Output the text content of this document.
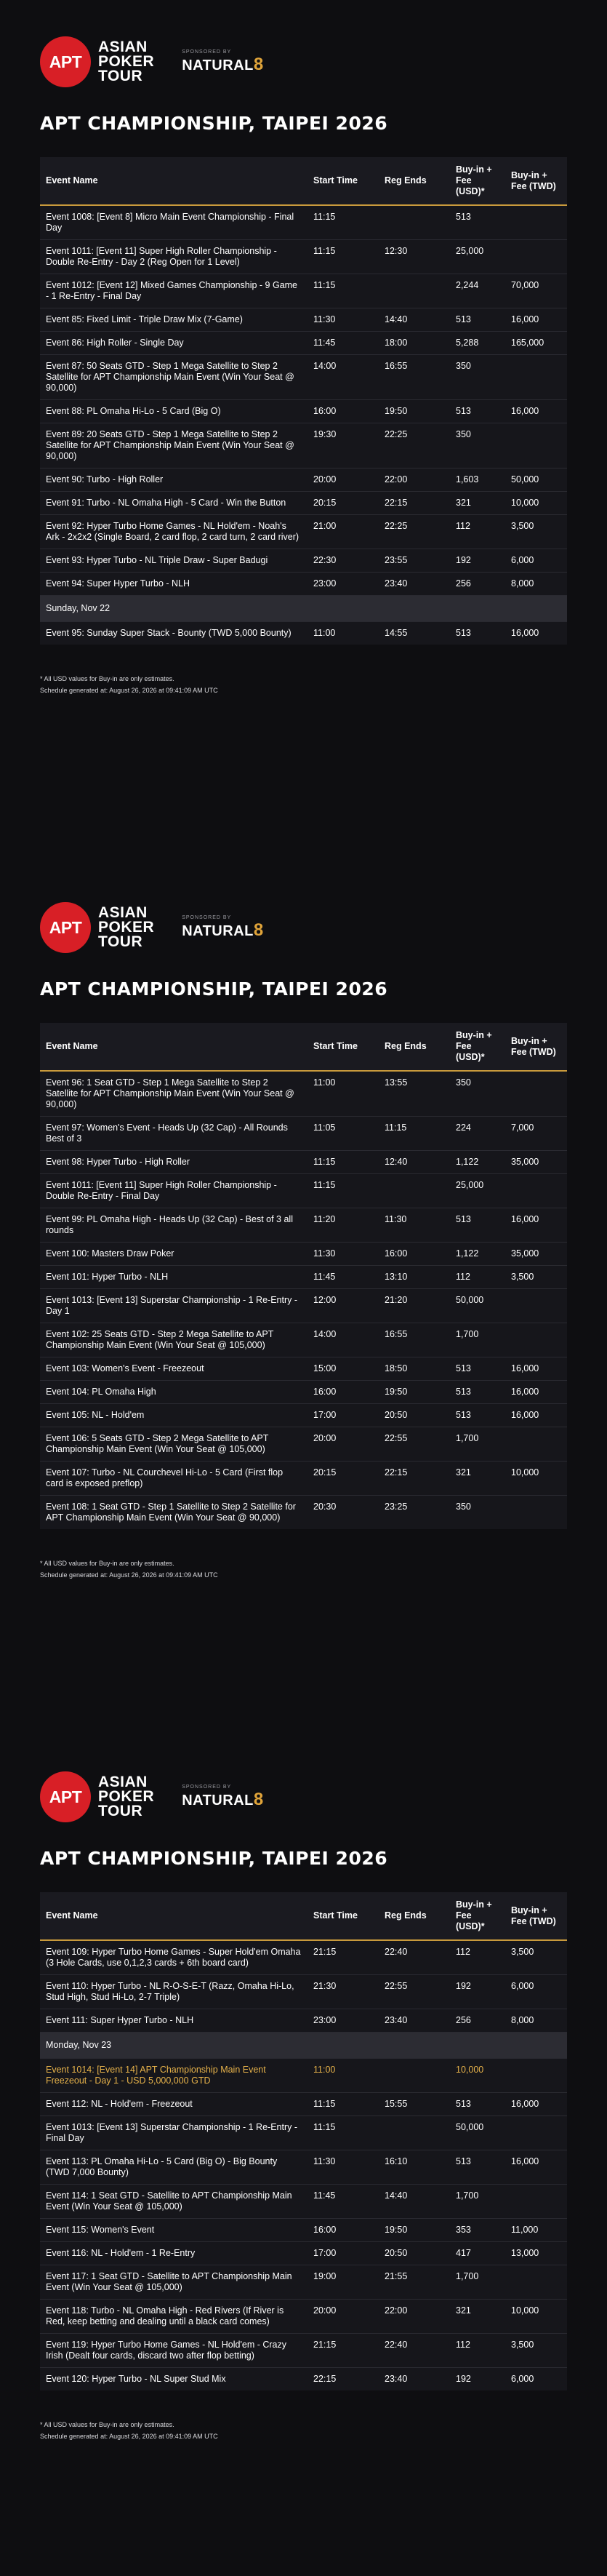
APT
ASIAN
POKER
TOUR
SPONSORED BY
NATURAL8
APT CHAMPIONSHIP, TAIPEI 2026
Event Name	Start Time	Reg Ends	Buy-in + Fee (USD)*	Buy-in + Fee (TWD)
Event 1008: [Event 8] Micro Main Event Championship - Final Day	11:15		513	
Event 1011: [Event 11] Super High Roller Championship - Double Re-Entry - Day 2 (Reg Open for 1 Level)	11:15	12:30	25,000	
Event 1012: [Event 12] Mixed Games Championship - 9 Game - 1 Re-Entry - Final Day	11:15		2,244	70,000
Event 85: Fixed Limit - Triple Draw Mix (7-Game)	11:30	14:40	513	16,000
Event 86: High Roller - Single Day	11:45	18:00	5,288	165,000
Event 87: 50 Seats GTD - Step 1 Mega Satellite to Step 2 Satellite for APT Championship Main Event (Win Your Seat @ 90,000)	14:00	16:55	350	
Event 88: PL Omaha Hi-Lo - 5 Card (Big O)	16:00	19:50	513	16,000
Event 89: 20 Seats GTD - Step 1 Mega Satellite to Step 2 Satellite for APT Championship Main Event (Win Your Seat @ 90,000)	19:30	22:25	350	
Event 90: Turbo - High Roller	20:00	22:00	1,603	50,000
Event 91: Turbo - NL Omaha High - 5 Card - Win the Button	20:15	22:15	321	10,000
Event 92: Hyper Turbo Home Games - NL Hold'em - Noah's Ark - 2x2x2 (Single Board, 2 card flop, 2 card turn, 2 card river)	21:00	22:25	112	3,500
Event 93: Hyper Turbo - NL Triple Draw - Super Badugi	22:30	23:55	192	6,000
Event 94: Super Hyper Turbo - NLH	23:00	23:40	256	8,000
Sunday, Nov 22				
Event 95: Sunday Super Stack - Bounty (TWD 5,000 Bounty)	11:00	14:55	513	16,000
* All USD values for Buy-in are only estimates.
Schedule generated at: August 26, 2026 at 09:41:09 AM UTC
APT
ASIAN
POKER
TOUR
SPONSORED BY
NATURAL8
APT CHAMPIONSHIP, TAIPEI 2026
Event Name	Start Time	Reg Ends	Buy-in + Fee (USD)*	Buy-in + Fee (TWD)
Event 96: 1 Seat GTD - Step 1 Mega Satellite to Step 2 Satellite for APT Championship Main Event (Win Your Seat @ 90,000)	11:00	13:55	350	
Event 97: Women's Event - Heads Up (32 Cap) - All Rounds Best of 3	11:05	11:15	224	7,000
Event 98: Hyper Turbo - High Roller	11:15	12:40	1,122	35,000
Event 1011: [Event 11] Super High Roller Championship - Double Re-Entry - Final Day	11:15		25,000	
Event 99: PL Omaha High - Heads Up (32 Cap) - Best of 3 all rounds	11:20	11:30	513	16,000
Event 100: Masters Draw Poker	11:30	16:00	1,122	35,000
Event 101: Hyper Turbo - NLH	11:45	13:10	112	3,500
Event 1013: [Event 13] Superstar Championship - 1 Re-Entry - Day 1	12:00	21:20	50,000	
Event 102: 25 Seats GTD - Step 2 Mega Satellite to APT Championship Main Event (Win Your Seat @ 105,000)	14:00	16:55	1,700	
Event 103: Women's Event - Freezeout	15:00	18:50	513	16,000
Event 104: PL Omaha High	16:00	19:50	513	16,000
Event 105: NL - Hold'em	17:00	20:50	513	16,000
Event 106: 5 Seats GTD - Step 2 Mega Satellite to APT Championship Main Event (Win Your Seat @ 105,000)	20:00	22:55	1,700	
Event 107: Turbo - NL Courchevel Hi-Lo - 5 Card (First flop card is exposed preflop)	20:15	22:15	321	10,000
Event 108: 1 Seat GTD - Step 1 Satellite to Step 2 Satellite for APT Championship Main Event (Win Your Seat @ 90,000)	20:30	23:25	350	
* All USD values for Buy-in are only estimates.
Schedule generated at: August 26, 2026 at 09:41:09 AM UTC
APT
ASIAN
POKER
TOUR
SPONSORED BY
NATURAL8
APT CHAMPIONSHIP, TAIPEI 2026
Event Name	Start Time	Reg Ends	Buy-in + Fee (USD)*	Buy-in + Fee (TWD)
Event 109: Hyper Turbo Home Games - Super Hold'em Omaha (3 Hole Cards, use 0,1,2,3 cards + 6th board card)	21:15	22:40	112	3,500
Event 110: Hyper Turbo - NL R-O-S-E-T (Razz, Omaha Hi-Lo, Stud High, Stud Hi-Lo, 2-7 Triple)	21:30	22:55	192	6,000
Event 111: Super Hyper Turbo - NLH	23:00	23:40	256	8,000
Monday, Nov 23				
Event 1014: [Event 14] APT Championship Main Event Freezeout - Day 1 - USD 5,000,000 GTD	11:00		10,000	
Event 112: NL - Hold'em - Freezeout	11:15	15:55	513	16,000
Event 1013: [Event 13] Superstar Championship - 1 Re-Entry - Final Day	11:15		50,000	
Event 113: PL Omaha Hi-Lo - 5 Card (Big O) - Big Bounty (TWD 7,000 Bounty)	11:30	16:10	513	16,000
Event 114: 1 Seat GTD - Satellite to APT Championship Main Event (Win Your Seat @ 105,000)	11:45	14:40	1,700	
Event 115: Women's Event	16:00	19:50	353	11,000
Event 116: NL - Hold'em - 1 Re-Entry	17:00	20:50	417	13,000
Event 117: 1 Seat GTD - Satellite to APT Championship Main Event (Win Your Seat @ 105,000)	19:00	21:55	1,700	
Event 118: Turbo - NL Omaha High - Red Rivers (If River is Red, keep betting and dealing until a black card comes)	20:00	22:00	321	10,000
Event 119: Hyper Turbo Home Games - NL Hold'em - Crazy Irish (Dealt four cards, discard two after flop betting)	21:15	22:40	112	3,500
Event 120: Hyper Turbo - NL Super Stud Mix	22:15	23:40	192	6,000
* All USD values for Buy-in are only estimates.
Schedule generated at: August 26, 2026 at 09:41:09 AM UTC
